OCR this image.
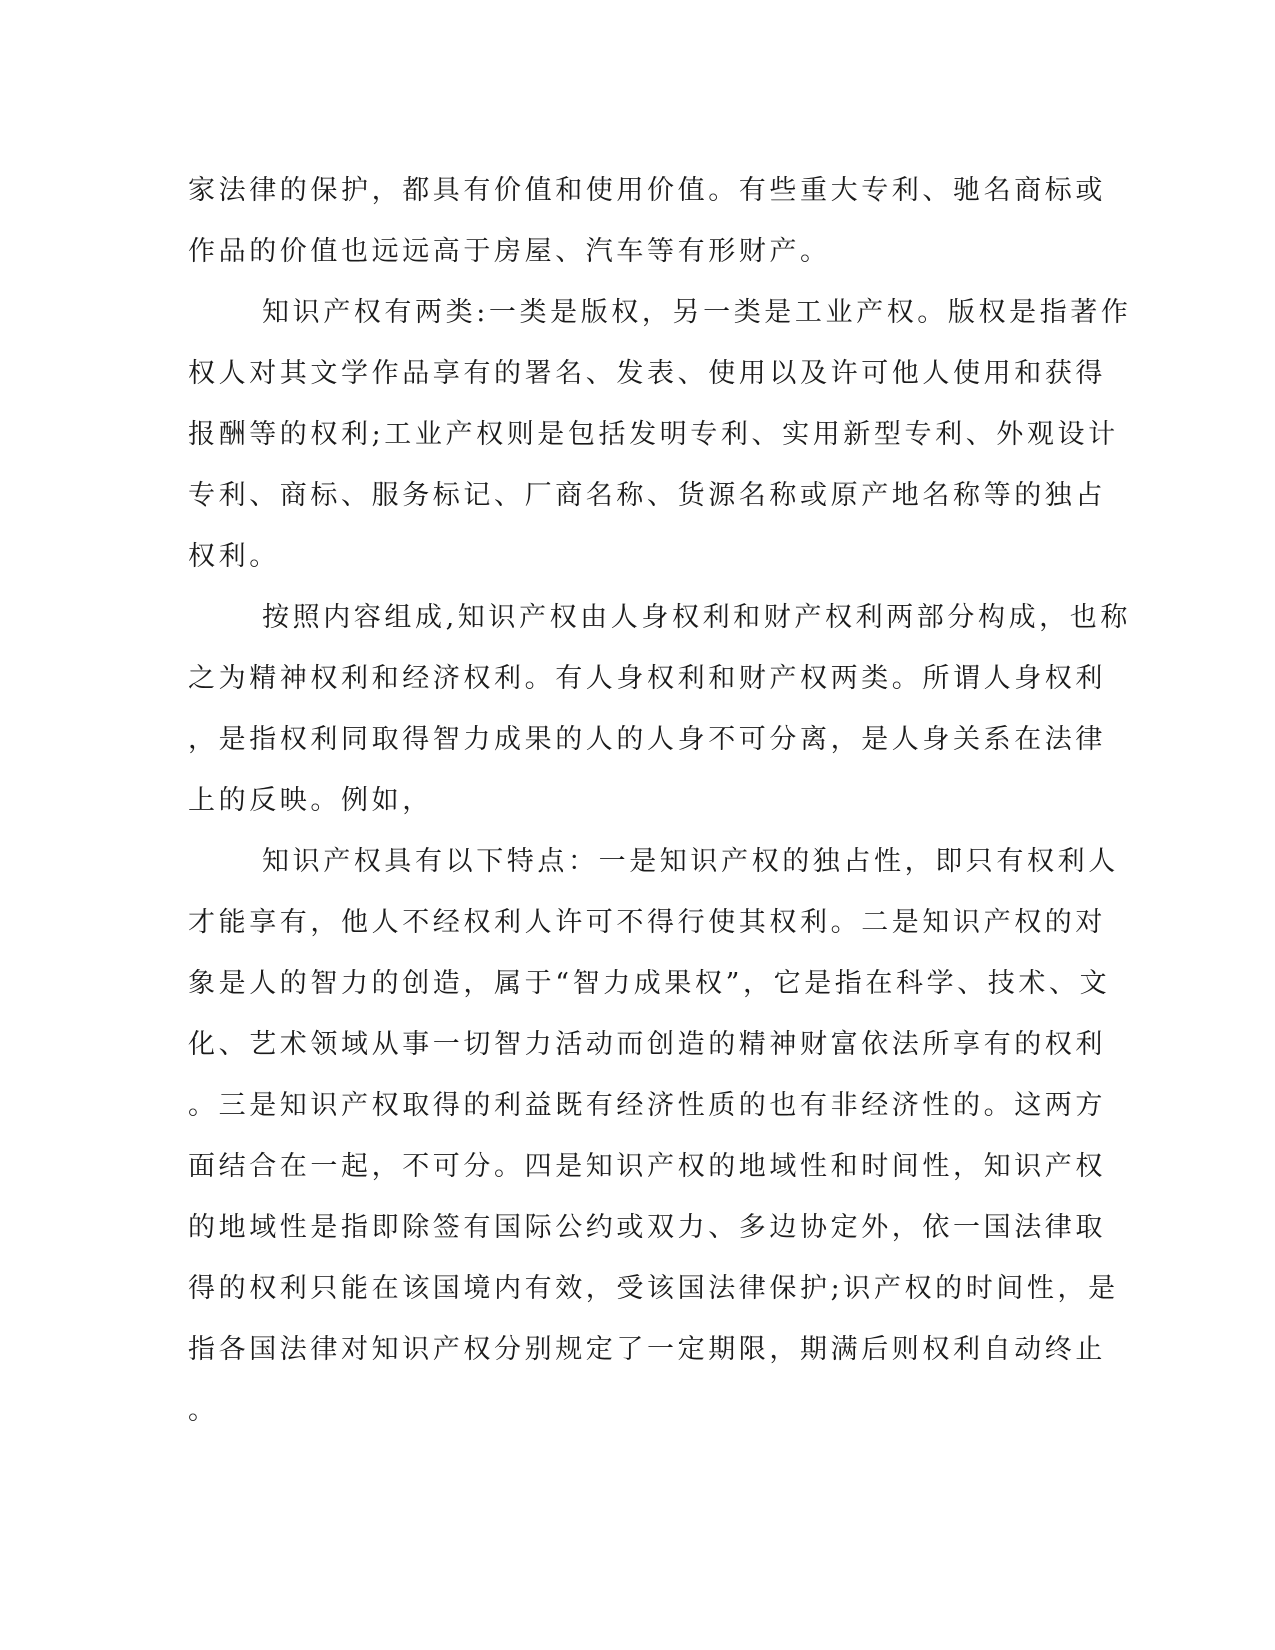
家法律的保护，都具有价值和使用价值。有些重大专利、驰名商标或
作品的价值也远远高于房屋、汽车等有形财产。
知识产权有两类:一类是版权，另一类是工业产权。版权是指著作
权人对其文学作品享有的署名、发表、使用以及许可他人使用和获得
报酬等的权利;工业产权则是包括发明专利、实用新型专利、外观设计
专利、商标、服务标记、厂商名称、货源名称或原产地名称等的独占
权利。
按照内容组成,知识产权由人身权利和财产权利两部分构成，也称
之为精神权利和经济权利。有人身权利和财产权两类。所谓人身权利
，是指权利同取得智力成果的人的人身不可分离，是人身关系在法律
上的反映。例如，
知识产权具有以下特点：一是知识产权的独占性，即只有权利人
才能享有，他人不经权利人许可不得行使其权利。二是知识产权的对
象是人的智力的创造，属于“智力成果权”，它是指在科学、技术、文
化、艺术领域从事一切智力活动而创造的精神财富依法所享有的权利
。三是知识产权取得的利益既有经济性质的也有非经济性的。这两方
面结合在一起，不可分。四是知识产权的地域性和时间性，知识产权
的地域性是指即除签有国际公约或双力、多边协定外，依一国法律取
得的权利只能在该国境内有效，受该国法律保护;识产权的时间性，是
指各国法律对知识产权分别规定了一定期限，期满后则权利自动终止
。
